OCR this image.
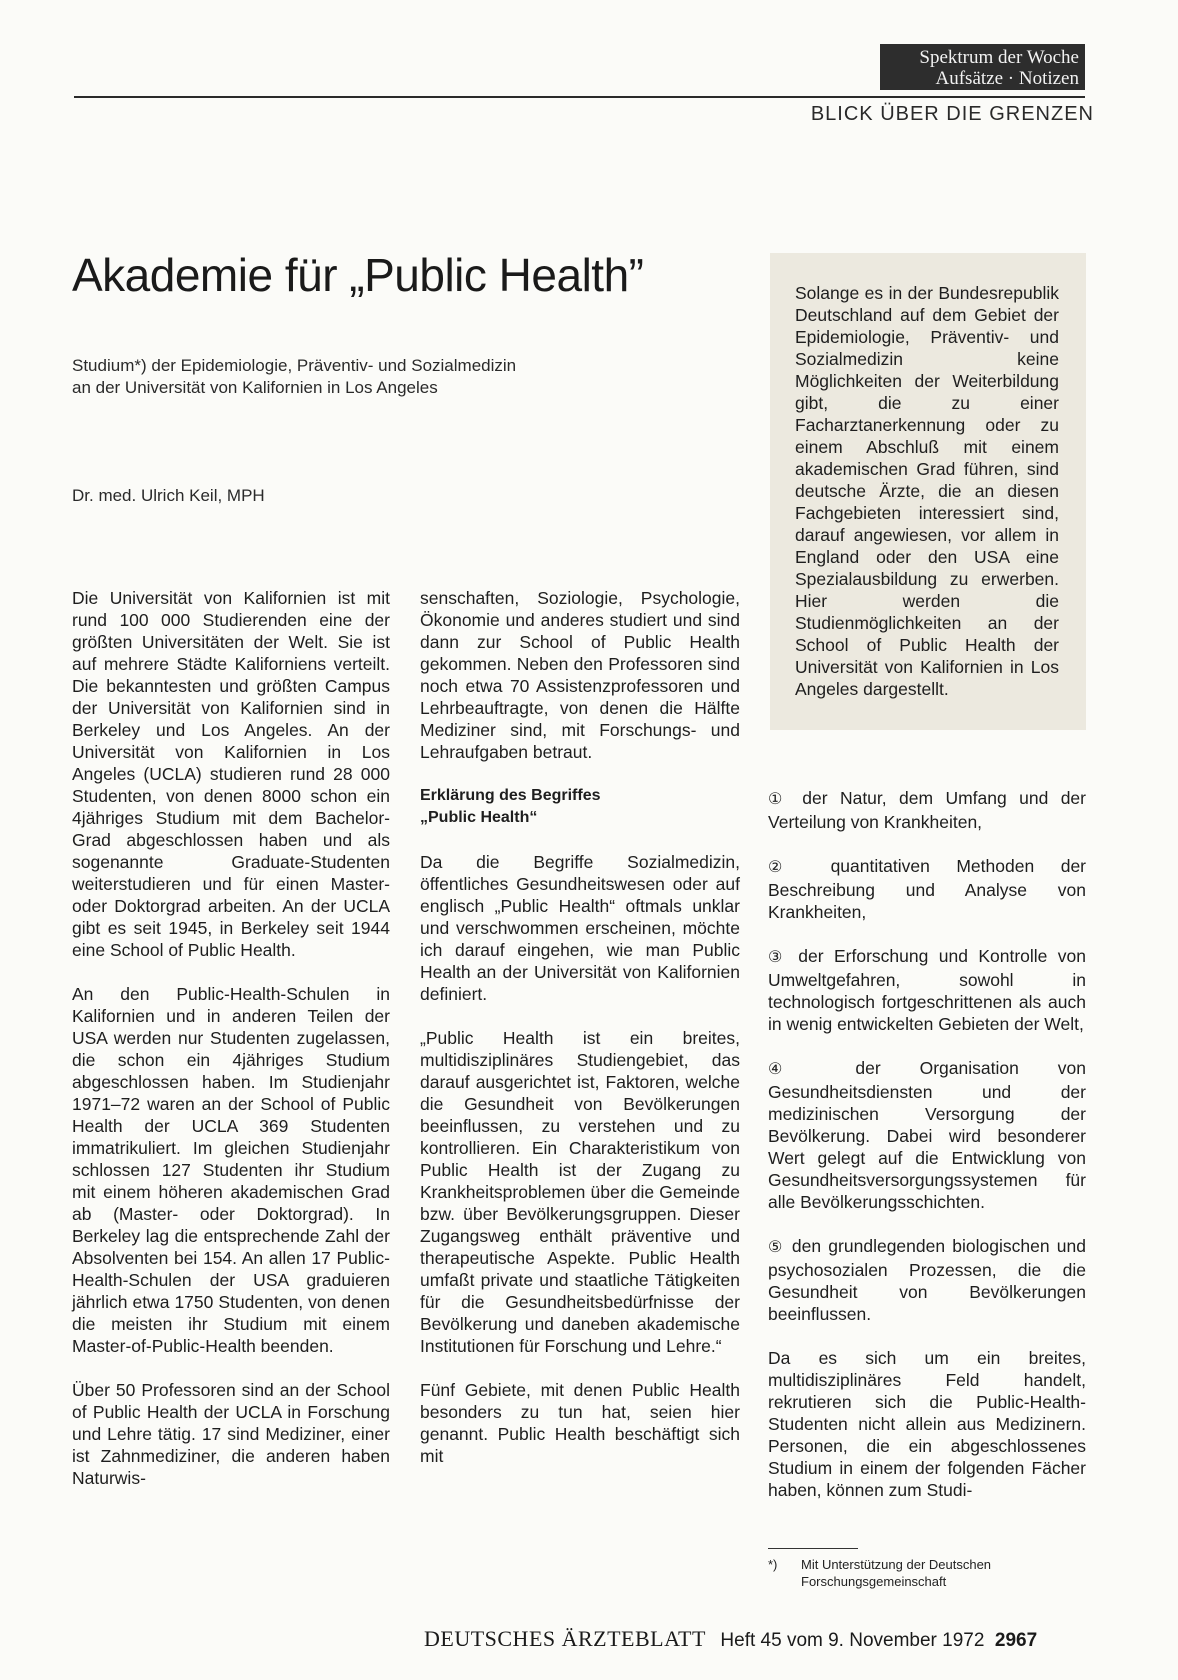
Spektrum der Woche
Aufsätze · Notizen
BLICK ÜBER DIE GRENZEN
Akademie für „Public Health”
Studium*) der Epidemiologie, Präventiv- und Sozialmedizin
an der Universität von Kalifornien in Los Angeles
Dr. med. Ulrich Keil, MPH

Solange es in der Bundesrepublik Deutschland auf dem Gebiet der Epidemiologie, Präventiv- und Sozialmedizin keine Möglichkeiten der Weiterbildung gibt, die zu einer Facharztanerkennung oder zu einem Abschluß mit einem akademischen Grad führen, sind deutsche Ärzte, die an diesen Fachgebieten interessiert sind, darauf angewiesen, vor allem in England oder den USA eine Spezialausbildung zu erwerben. Hier werden die Studienmöglichkeiten an der School of Public Health der Universität von Kalifornien in Los Angeles dargestellt.

Die Universität von Kalifornien ist mit rund 100 000 Studierenden eine der größten Universitäten der Welt. Sie ist auf mehrere Städte Kaliforniens verteilt. Die bekanntesten und größten Campus der Universität von Kalifornien sind in Berkeley und Los Angeles. An der Universität von Kalifornien in Los Angeles (UCLA) studieren rund 28 000 Studenten, von denen 8000 schon ein 4jähriges Studium mit dem Bachelor-Grad abgeschlossen haben und als sogenannte Graduate-Studenten weiterstudieren und für einen Master- oder Doktorgrad arbeiten. An der UCLA gibt es seit 1945, in Berkeley seit 1944 eine School of Public Health.

An den Public-Health-Schulen in Kalifornien und in anderen Teilen der USA werden nur Studenten zugelassen, die schon ein 4jähriges Studium abgeschlossen haben. Im Studienjahr 1971–72 waren an der School of Public Health der UCLA 369 Studenten immatrikuliert. Im gleichen Studienjahr schlossen 127 Studenten ihr Studium mit einem höheren akademischen Grad ab (Master- oder Doktorgrad). In Berkeley lag die entsprechende Zahl der Absolventen bei 154. An allen 17 Public-Health-Schulen der USA graduieren jährlich etwa 1750 Studenten, von denen die meisten ihr Studium mit einem Master-of-Public-Health beenden.

Über 50 Professoren sind an der School of Public Health der UCLA in Forschung und Lehre tätig. 17 sind Mediziner, einer ist Zahnmediziner, die anderen haben Naturwis-

senschaften, Soziologie, Psychologie, Ökonomie und anderes studiert und sind dann zur School of Public Health gekommen. Neben den Professoren sind noch etwa 70 Assistenzprofessoren und Lehrbeauftragte, von denen die Hälfte Mediziner sind, mit Forschungs- und Lehraufgaben betraut.

Erklärung des Begriffes
„Public Health“

Da die Begriffe Sozialmedizin, öffentliches Gesundheitswesen oder auf englisch „Public Health“ oftmals unklar und verschwommen erscheinen, möchte ich darauf eingehen, wie man Public Health an der Universität von Kalifornien definiert.

„Public Health ist ein breites, multidisziplinäres Studiengebiet, das darauf ausgerichtet ist, Faktoren, welche die Gesundheit von Bevölkerungen beeinflussen, zu verstehen und zu kontrollieren. Ein Charakteristikum von Public Health ist der Zugang zu Krankheitsproblemen über die Gemeinde bzw. über Bevölkerungsgruppen. Dieser Zugangsweg enthält präventive und therapeutische Aspekte. Public Health umfaßt private und staatliche Tätigkeiten für die Gesundheitsbedürfnisse der Bevölkerung und daneben akademische Institutionen für Forschung und Lehre.“

Fünf Gebiete, mit denen Public Health besonders zu tun hat, seien hier genannt. Public Health beschäftigt sich mit

① der Natur, dem Umfang und der Verteilung von Krankheiten,
② quantitativen Methoden der Beschreibung und Analyse von Krankheiten,
③ der Erforschung und Kontrolle von Umweltgefahren, sowohl in technologisch fortgeschrittenen als auch in wenig entwickelten Gebieten der Welt,
④ der Organisation von Gesundheitsdiensten und der medizinischen Versorgung der Bevölkerung. Dabei wird besonderer Wert gelegt auf die Entwicklung von Gesundheitsversorgungssystemen für alle Bevölkerungsschichten.
⑤ den grundlegenden biologischen und psychosozialen Prozessen, die die Gesundheit von Bevölkerungen beeinflussen.

Da es sich um ein breites, multidisziplinäres Feld handelt, rekrutieren sich die Public-Health-Studenten nicht allein aus Medizinern. Personen, die ein abgeschlossenes Studium in einem der folgenden Fächer haben, können zum Studi-

*) Mit Unterstützung der Deutschen Forschungsgemeinschaft
DEUTSCHES ÄRZTEBLATT Heft 45 vom 9. November 1972 2967
